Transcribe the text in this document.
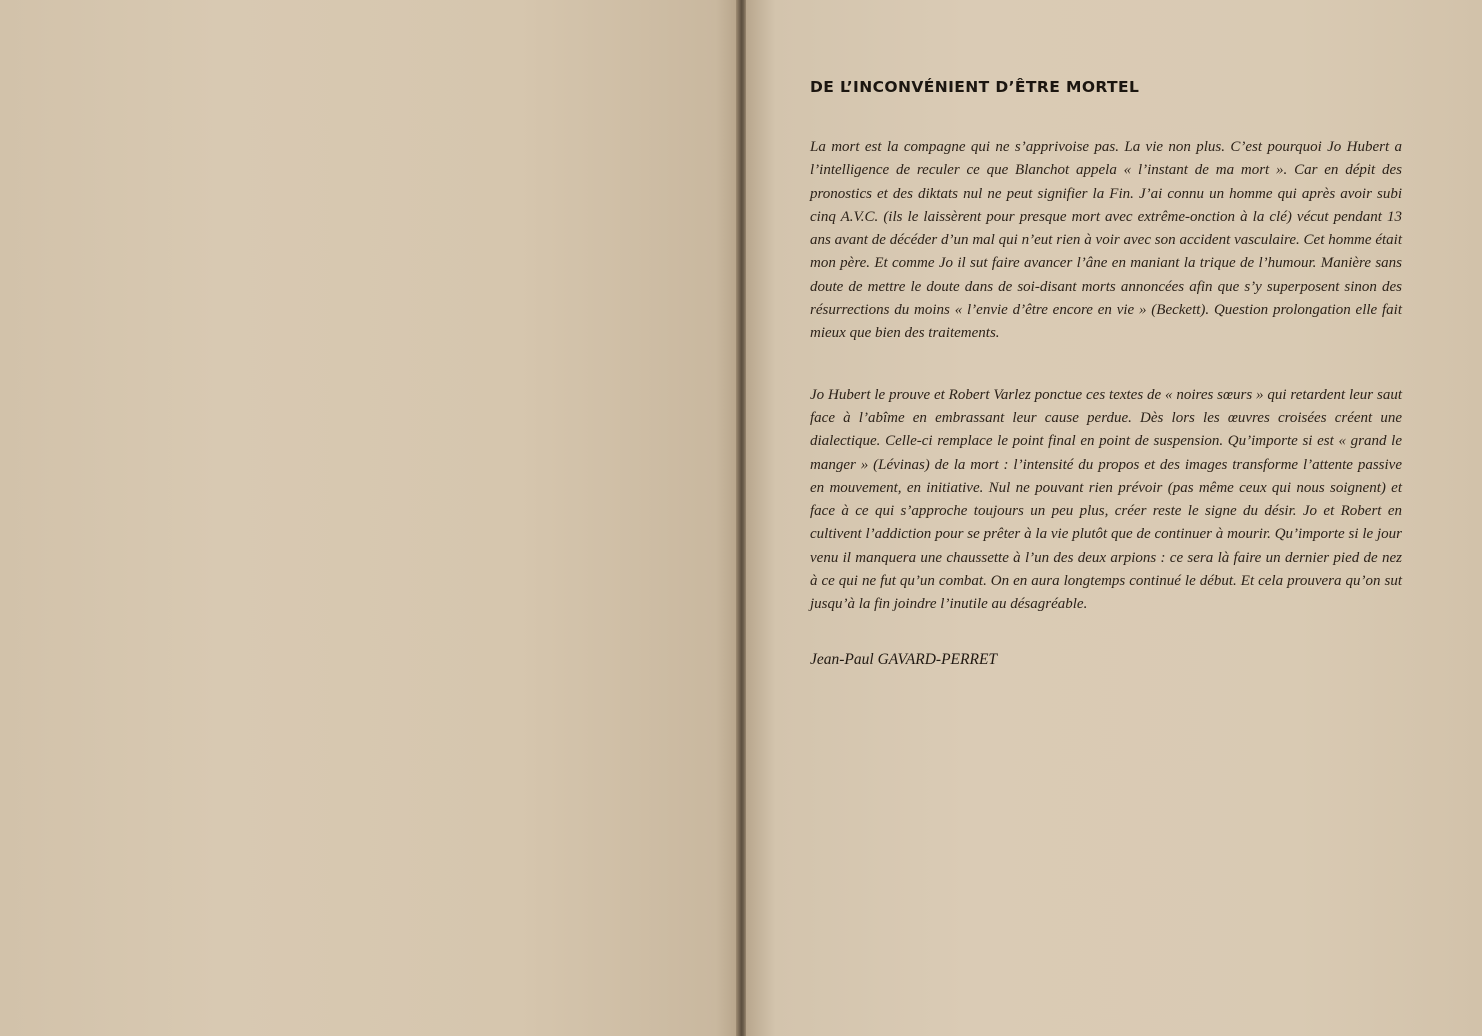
DE L’INCONVÉNIENT D’ÊTRE MORTEL

La mort est la compagne qui ne s’apprivoise pas. La vie non plus. C’est pourquoi Jo Hubert a l’intelligence de reculer ce que Blanchot appela « l’instant de ma mort ». Car en dépit des pronostics et des diktats nul ne peut signifier la Fin. J’ai connu un homme qui après avoir subi cinq A.V.C. (ils le laissèrent pour presque mort avec extrême-onction à la clé) vécut pendant 13 ans avant de décéder d’un mal qui n’eut rien à voir avec son accident vasculaire. Cet homme était mon père. Et comme Jo il sut faire avancer l’âne en maniant la trique de l’humour. Manière sans doute de mettre le doute dans de soi-disant morts annoncées afin que s’y superposent sinon des résurrections du moins « l’envie d’être encore en vie » (Beckett). Question prolongation elle fait mieux que bien des traitements.

Jo Hubert le prouve et Robert Varlez ponctue ces textes de « noires sœurs » qui retardent leur saut face à l’abîme en embrassant leur cause perdue. Dès lors les œuvres croisées créent une dialectique. Celle-ci remplace le point final en point de suspension. Qu’importe si est « grand le manger » (Lévinas) de la mort : l’intensité du propos et des images transforme l’attente passive en mouvement, en initiative. Nul ne pouvant rien prévoir (pas même ceux qui nous soignent) et face à ce qui s’approche toujours un peu plus, créer reste le signe du désir. Jo et Robert en cultivent l’addiction pour se prêter à la vie plutôt que de continuer à mourir. Qu’importe si le jour venu il manquera une chaussette à l’un des deux arpions : ce sera là faire un dernier pied de nez à ce qui ne fut qu’un combat. On en aura longtemps continué le début. Et cela prouvera qu’on sut jusqu’à la fin joindre l’inutile au désagréable.

Jean-Paul GAVARD-PERRET
